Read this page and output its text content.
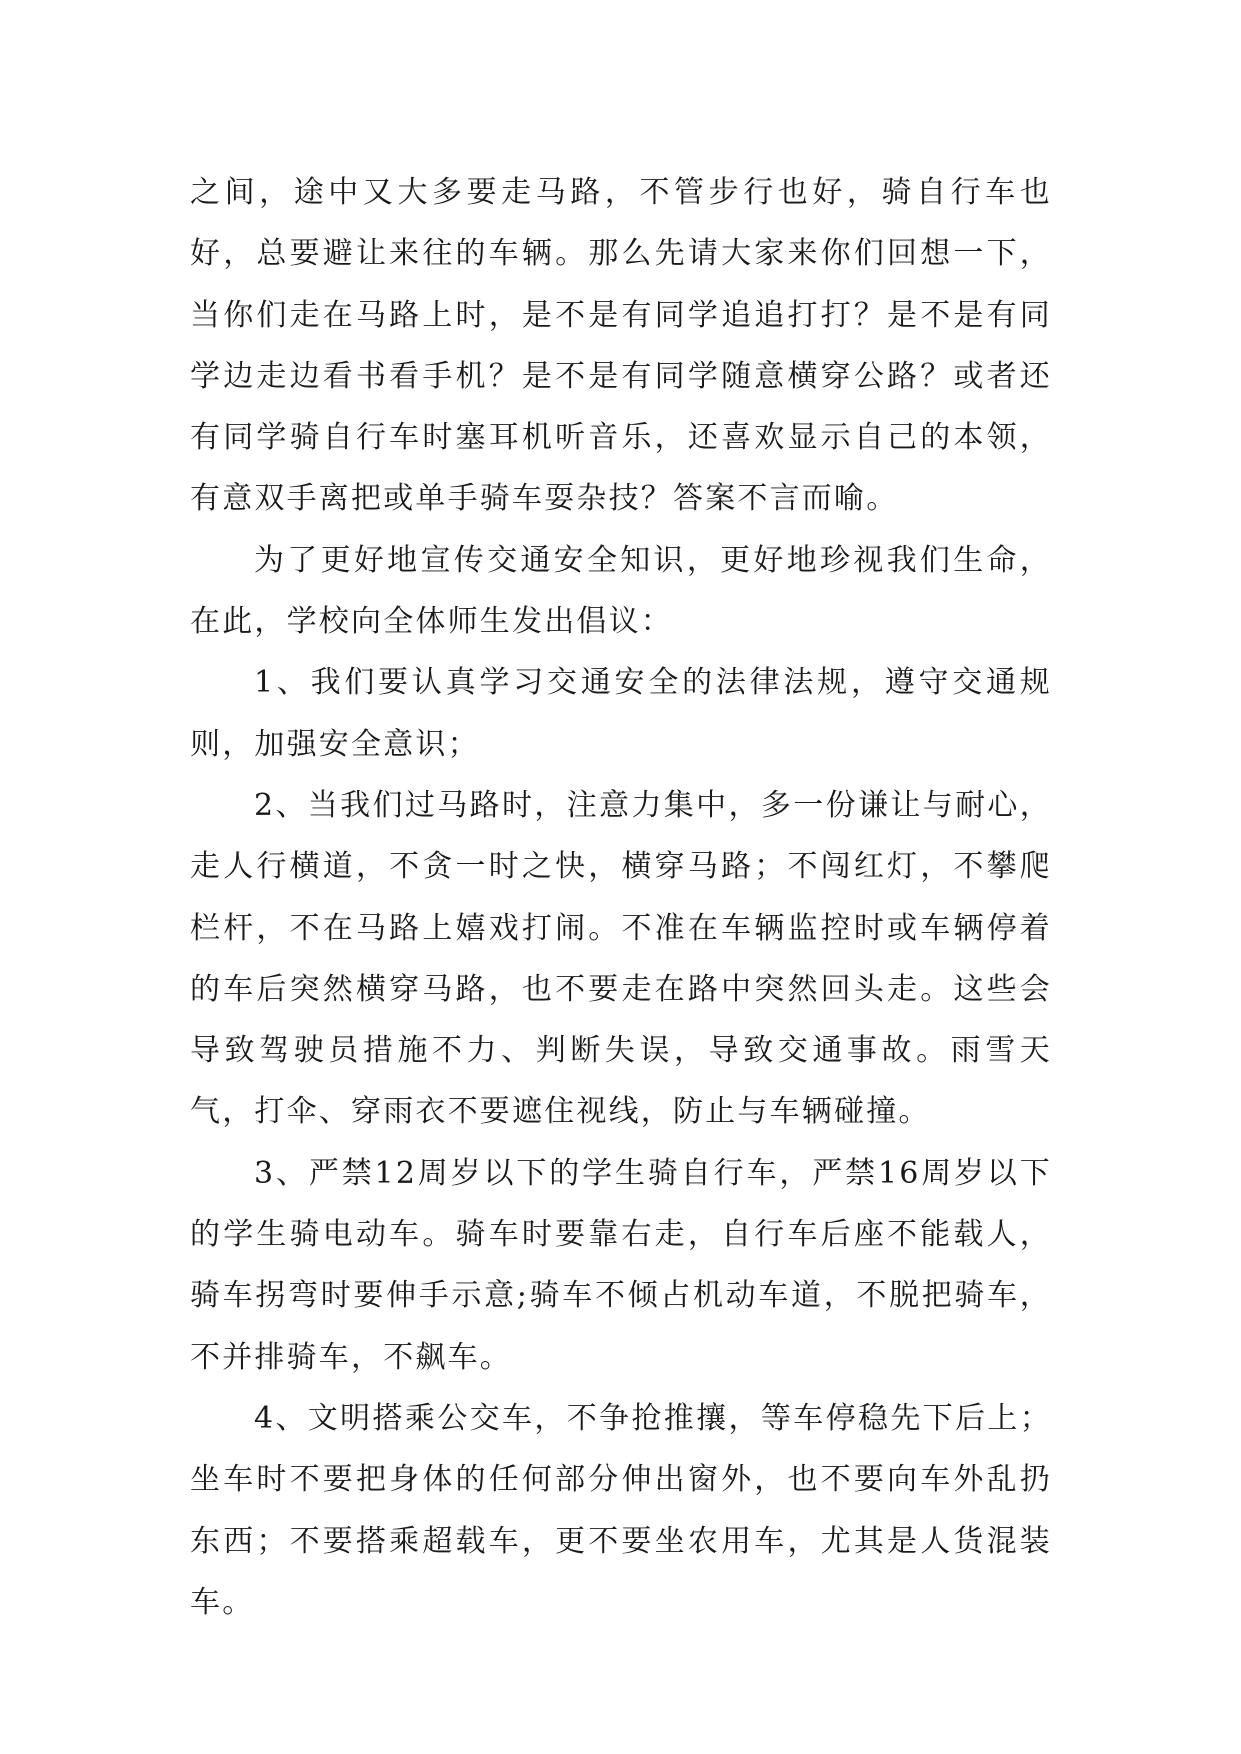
之间，途中又大多要走马路，不管步行也好，骑自行车也好，总要避让来往的车辆。那么先请大家来你们回想一下，当你们走在马路上时，是不是有同学追追打打？是不是有同学边走边看书看手机？是不是有同学随意横穿公路？或者还有同学骑自行车时塞耳机听音乐，还喜欢显示自己的本领，有意双手离把或单手骑车耍杂技？答案不言而喻。

为了更好地宣传交通安全知识，更好地珍视我们生命，在此，学校向全体师生发出倡议：

1、我们要认真学习交通安全的法律法规，遵守交通规则，加强安全意识；

2、当我们过马路时，注意力集中，多一份谦让与耐心，走人行横道，不贪一时之快，横穿马路；不闯红灯，不攀爬栏杆，不在马路上嬉戏打闹。不准在车辆监控时或车辆停着的车后突然横穿马路，也不要走在路中突然回头走。这些会导致驾驶员措施不力、判断失误，导致交通事故。雨雪天气，打伞、穿雨衣不要遮住视线，防止与车辆碰撞。

3、严禁12周岁以下的学生骑自行车，严禁16周岁以下的学生骑电动车。骑车时要靠右走，自行车后座不能载人，骑车拐弯时要伸手示意;骑车不倾占机动车道，不脱把骑车，不并排骑车，不飙车。

4、文明搭乘公交车，不争抢推攘，等车停稳先下后上；坐车时不要把身体的任何部分伸出窗外，也不要向车外乱扔东西；不要搭乘超载车，更不要坐农用车，尤其是人货混装车。
